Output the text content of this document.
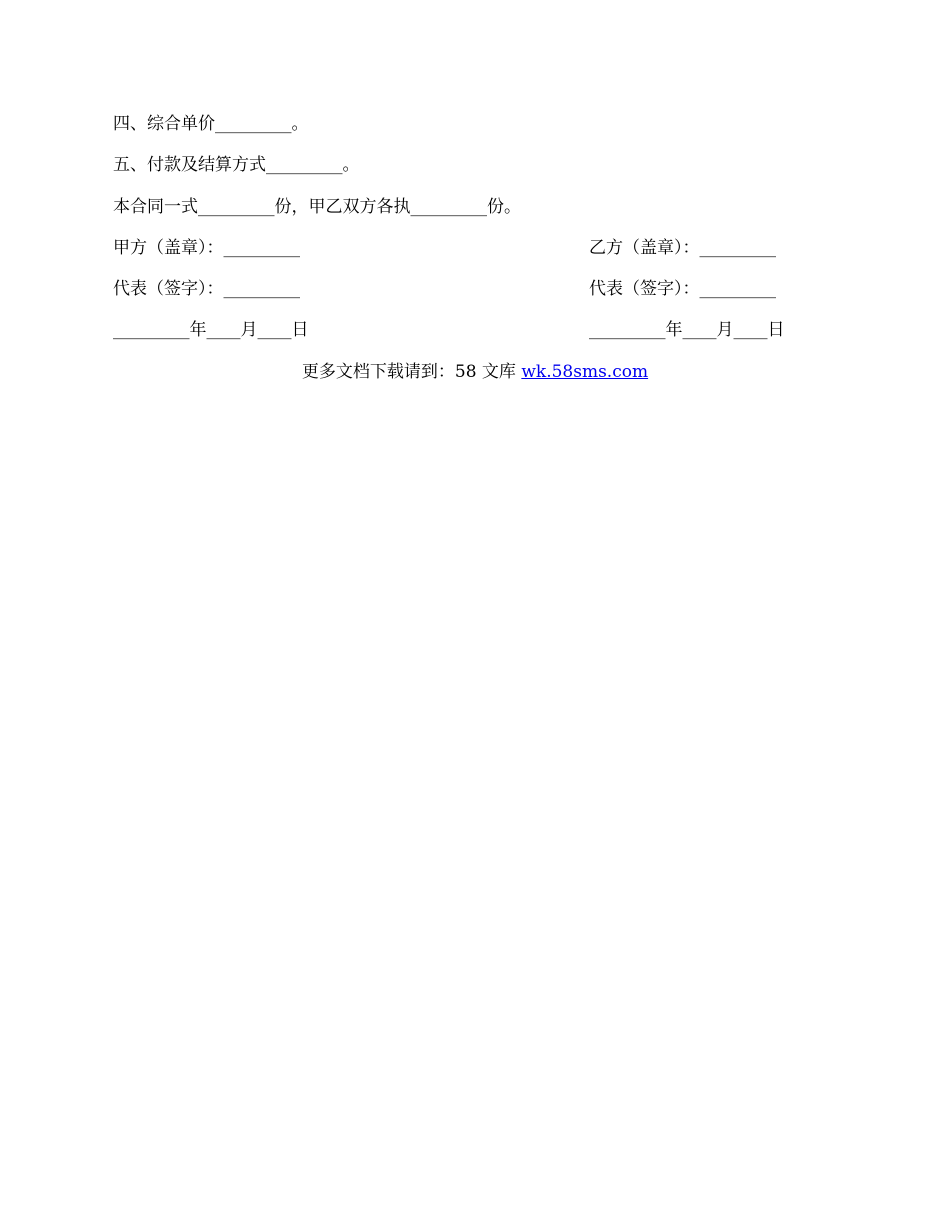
四、综合单价_________。
五、付款及结算方式_________。
本合同一式_________份，甲乙双方各执_________份。
甲方（盖章）：_________	乙方（盖章）：_________
代表（签字）：_________	代表（签字）：_________
_________年____月____日	_________年____月____日
更多文档下载请到：58 文库 wk.58sms.com
